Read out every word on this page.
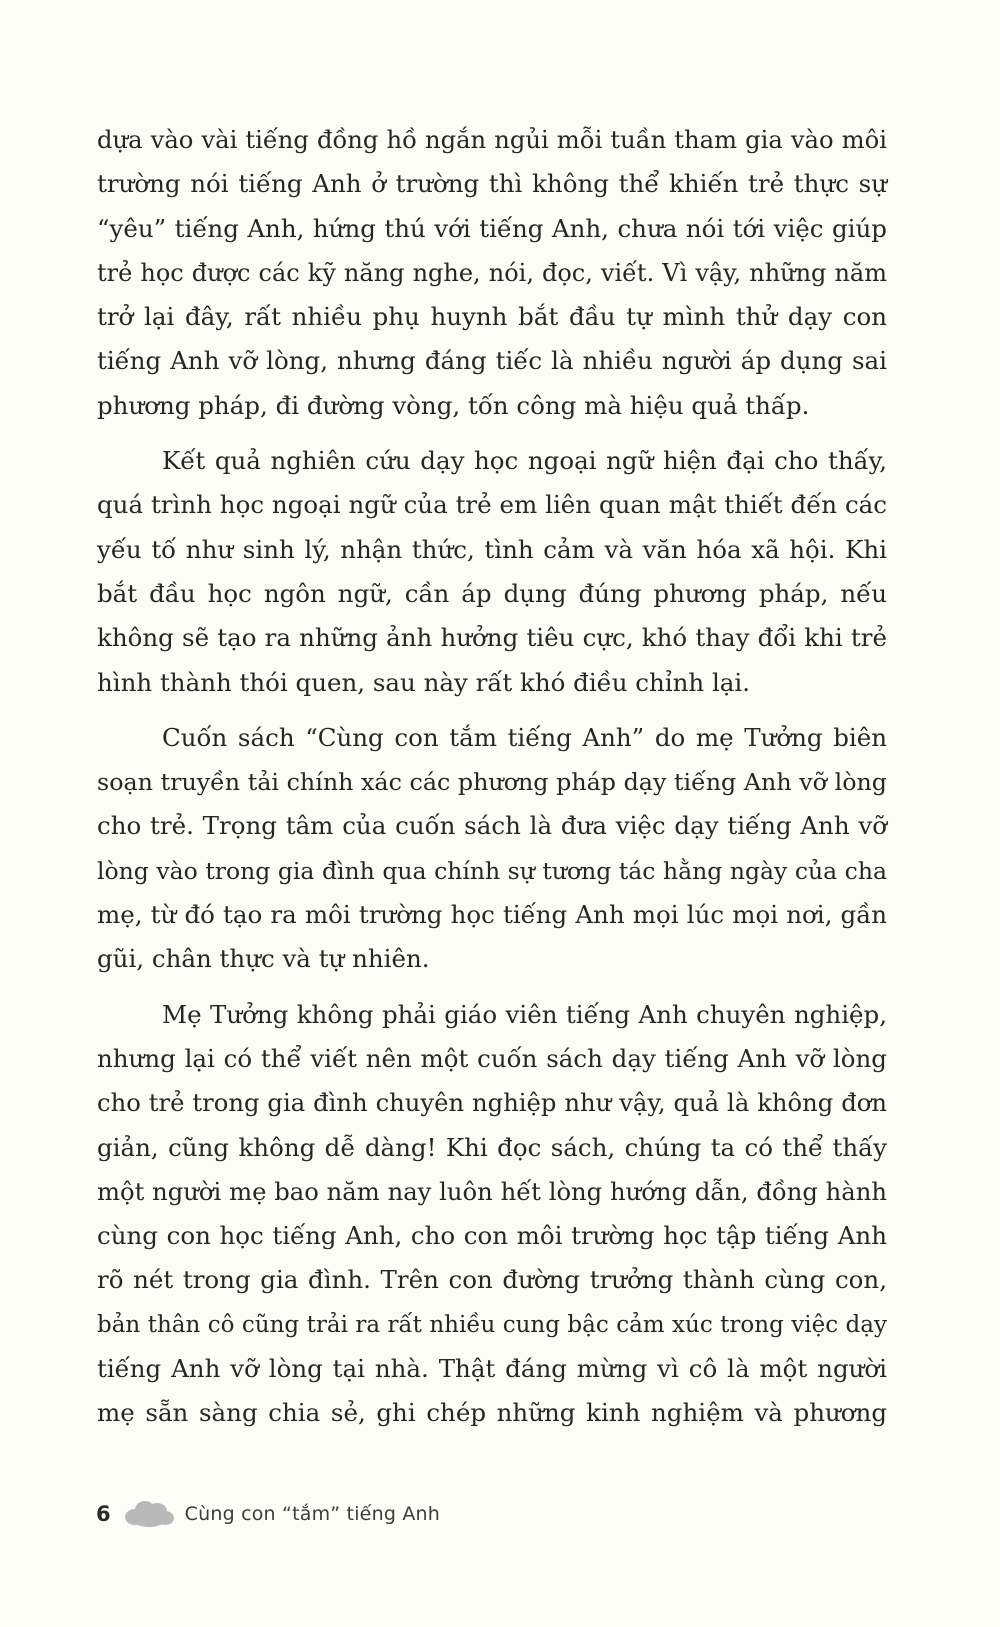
dựa vào vài tiếng đồng hồ ngắn ngủi mỗi tuần tham gia vào môi
trường nói tiếng Anh ở trường thì không thể khiến trẻ thực sự
“yêu” tiếng Anh, hứng thú với tiếng Anh, chưa nói tới việc giúp
trẻ học được các kỹ năng nghe, nói, đọc, viết. Vì vậy, những năm
trở lại đây, rất nhiều phụ huynh bắt đầu tự mình thử dạy con
tiếng Anh vỡ lòng, nhưng đáng tiếc là nhiều người áp dụng sai
phương pháp, đi đường vòng, tốn công mà hiệu quả thấp.
Kết quả nghiên cứu dạy học ngoại ngữ hiện đại cho thấy,
quá trình học ngoại ngữ của trẻ em liên quan mật thiết đến các
yếu tố như sinh lý, nhận thức, tình cảm và văn hóa xã hội. Khi
bắt đầu học ngôn ngữ, cần áp dụng đúng phương pháp, nếu
không sẽ tạo ra những ảnh hưởng tiêu cực, khó thay đổi khi trẻ
hình thành thói quen, sau này rất khó điều chỉnh lại.
Cuốn sách “Cùng con tắm tiếng Anh” do mẹ Tưởng biên
soạn truyền tải chính xác các phương pháp dạy tiếng Anh vỡ lòng
cho trẻ. Trọng tâm của cuốn sách là đưa việc dạy tiếng Anh vỡ
lòng vào trong gia đình qua chính sự tương tác hằng ngày của cha
mẹ, từ đó tạo ra môi trường học tiếng Anh mọi lúc mọi nơi, gần
gũi, chân thực và tự nhiên.
Mẹ Tưởng không phải giáo viên tiếng Anh chuyên nghiệp,
nhưng lại có thể viết nên một cuốn sách dạy tiếng Anh vỡ lòng
cho trẻ trong gia đình chuyên nghiệp như vậy, quả là không đơn
giản, cũng không dễ dàng! Khi đọc sách, chúng ta có thể thấy
một người mẹ bao năm nay luôn hết lòng hướng dẫn, đồng hành
cùng con học tiếng Anh, cho con môi trường học tập tiếng Anh
rõ nét trong gia đình. Trên con đường trưởng thành cùng con,
bản thân cô cũng trải ra rất nhiều cung bậc cảm xúc trong việc dạy
tiếng Anh vỡ lòng tại nhà. Thật đáng mừng vì cô là một người
mẹ sẵn sàng chia sẻ, ghi chép những kinh nghiệm và phương
6	Cùng con “tắm” tiếng Anh
